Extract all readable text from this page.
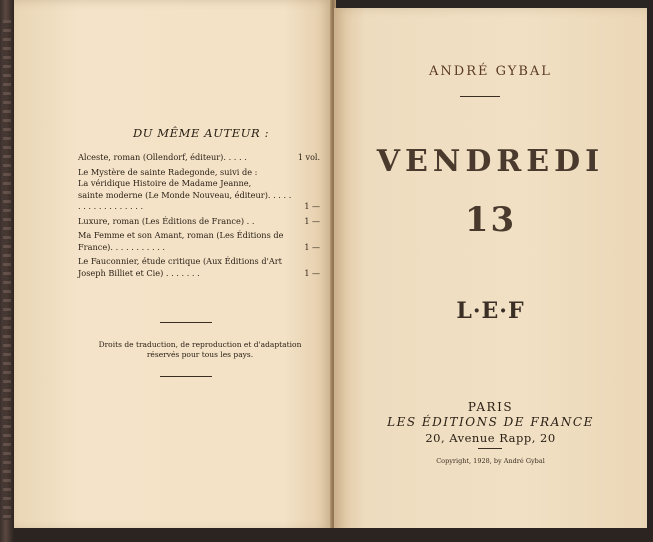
DU MÊME AUTEUR :
Alceste, roman (Ollendorf, éditeur). . . . .	1 vol.
Le Mystère de sainte Radegonde, suivi de :
La véridique Histoire de Madame Jeanne,
sainte moderne (Le Monde Nouveau, éditeur). . . . . . . . . . . . . . . . . .	1 —
Luxure, roman (Les Éditions de France) . .	1 —
Ma Femme et son Amant, roman (Les Éditions de France). . . . . . . . . . .	1 —
Le Fauconnier, étude critique (Aux Éditions d'Art Joseph Billiet et Cie) . . . . . . .	1 —
Droits de traduction, de reproduction et d'adaptation réservés pour tous les pays.
ANDRÉ GYBAL
VENDREDI
13
L·E·F
PARIS
LES ÉDITIONS DE FRANCE
20, Avenue Rapp, 20
Copyright, 1928, by André Gybal
